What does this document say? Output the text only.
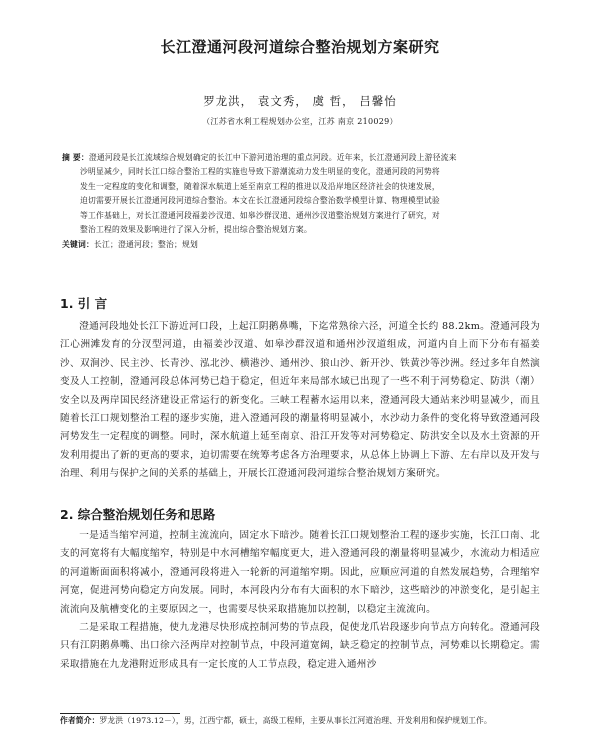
长江澄通河段河道综合整治规划方案研究
罗龙洪， 袁文秀， 虞 哲， 吕馨怡
（江苏省水利工程规划办公室，江苏 南京 210029）
摘 要：澄通河段是长江流域综合规划确定的长江中下游河道治理的重点河段。近年来，长江澄通河段上游径流来
沙明显减少，同时长江口综合整治工程的实施也导致下游潮流动力发生明显的变化，澄通河段的河势将
发生一定程度的变化和调整，随着深水航道上延至南京工程的推进以及沿岸地区经济社会的快速发展，
迫切需要开展长江澄通河段河道综合整治。本文在长江澄通河段综合整治数学模型计算、物理模型试验
等工作基础上，对长江澄通河段福姜沙汊道、如皋沙群汊道、通州沙汊道整治规划方案进行了研究，对
整治工程的效果及影响进行了深入分析，提出综合整治规划方案。
关键词：长江；澄通河段；整治；规划
1. 引 言

澄通河段地处长江下游近河口段，上起江阴鹅鼻嘴，下迄常熟徐六泾，河道全长约 88.2km。澄通河段为江心洲滩发育的分汊型河道，由福姜沙汊道、如皋沙群汊道和通州沙汊道组成，河道内自上而下分布有福姜沙、双涧沙、民主沙、长青沙、泓北沙、横港沙、通州沙、狼山沙、新开沙、铁黄沙等沙洲。经过多年自然演变及人工控制，澄通河段总体河势已趋于稳定，但近年来局部水域已出现了一些不利于河势稳定、防洪（潮）安全以及两岸国民经济建设正常运行的新变化。三峡工程蓄水运用以来，澄通河段大通站来沙明显减少，而且随着长江口规划整治工程的逐步实施，进入澄通河段的潮量将明显减小，水沙动力条件的变化将导致澄通河段河势发生一定程度的调整。同时，深水航道上延至南京、沿江开发等对河势稳定、防洪安全以及水土资源的开发利用提出了新的更高的要求，迫切需要在统筹考虑各方治理要求，从总体上协调上下游、左右岸以及开发与治理、利用与保护之间的关系的基础上，开展长江澄通河段河道综合整治规划方案研究。

2. 综合整治规划任务和思路

一是适当缩窄河道，控制主流流向，固定水下暗沙。随着长江口规划整治工程的逐步实施，长江口南、北支的河宽将有大幅度缩窄，特别是中水河槽缩窄幅度更大，进入澄通河段的潮量将明显减少，水流动力相适应的河道断面面积将减小，澄通河段将进入一轮新的河道缩窄期。因此，应顺应河道的自然发展趋势，合理缩窄河宽，促进河势向稳定方向发展。同时，本河段内分布有大面积的水下暗沙，这些暗沙的冲淤变化，是引起主流流向及航槽变化的主要原因之一，也需要尽快采取措施加以控制，以稳定主流流向。

二是采取工程措施，使九龙港尽快形成控制河势的节点段，促使龙爪岩段逐步向节点方向转化。澄通河段只有江阴鹅鼻嘴、出口徐六泾两岸对控制节点，中段河道宽阔，缺乏稳定的控制节点，河势难以长期稳定。需采取措施在九龙港附近形成具有一定长度的人工节点段，稳定进入通州沙

作者简介：罗龙洪（1973.12－），男，江西宁都，硕士，高级工程师，主要从事长江河道治理、开发利用和保护规划工作。
